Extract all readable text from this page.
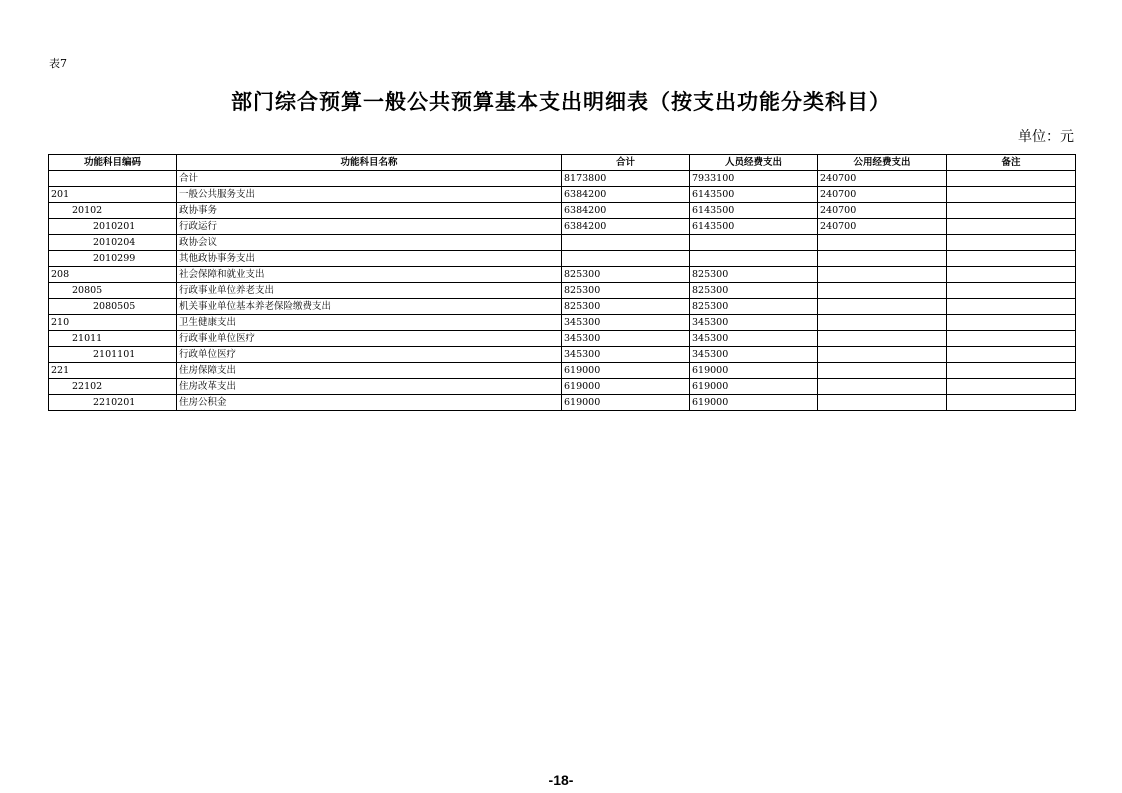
表7
部门综合预算一般公共预算基本支出明细表（按支出功能分类科目）
单位：元
功能科目编码	功能科目名称	合计	人员经费支出	公用经费支出	备注
	合计	8173800	7933100	240700	
201	一般公共服务支出	6384200	6143500	240700	
20102	政协事务	6384200	6143500	240700	
2010201	行政运行	6384200	6143500	240700	
2010204	政协会议				
2010299	其他政协事务支出				
208	社会保障和就业支出	825300	825300		
20805	行政事业单位养老支出	825300	825300		
2080505	机关事业单位基本养老保险缴费支出	825300	825300		
210	卫生健康支出	345300	345300		
21011	行政事业单位医疗	345300	345300		
2101101	行政单位医疗	345300	345300		
221	住房保障支出	619000	619000		
22102	住房改革支出	619000	619000		
2210201	住房公积金	619000	619000		
-18-
